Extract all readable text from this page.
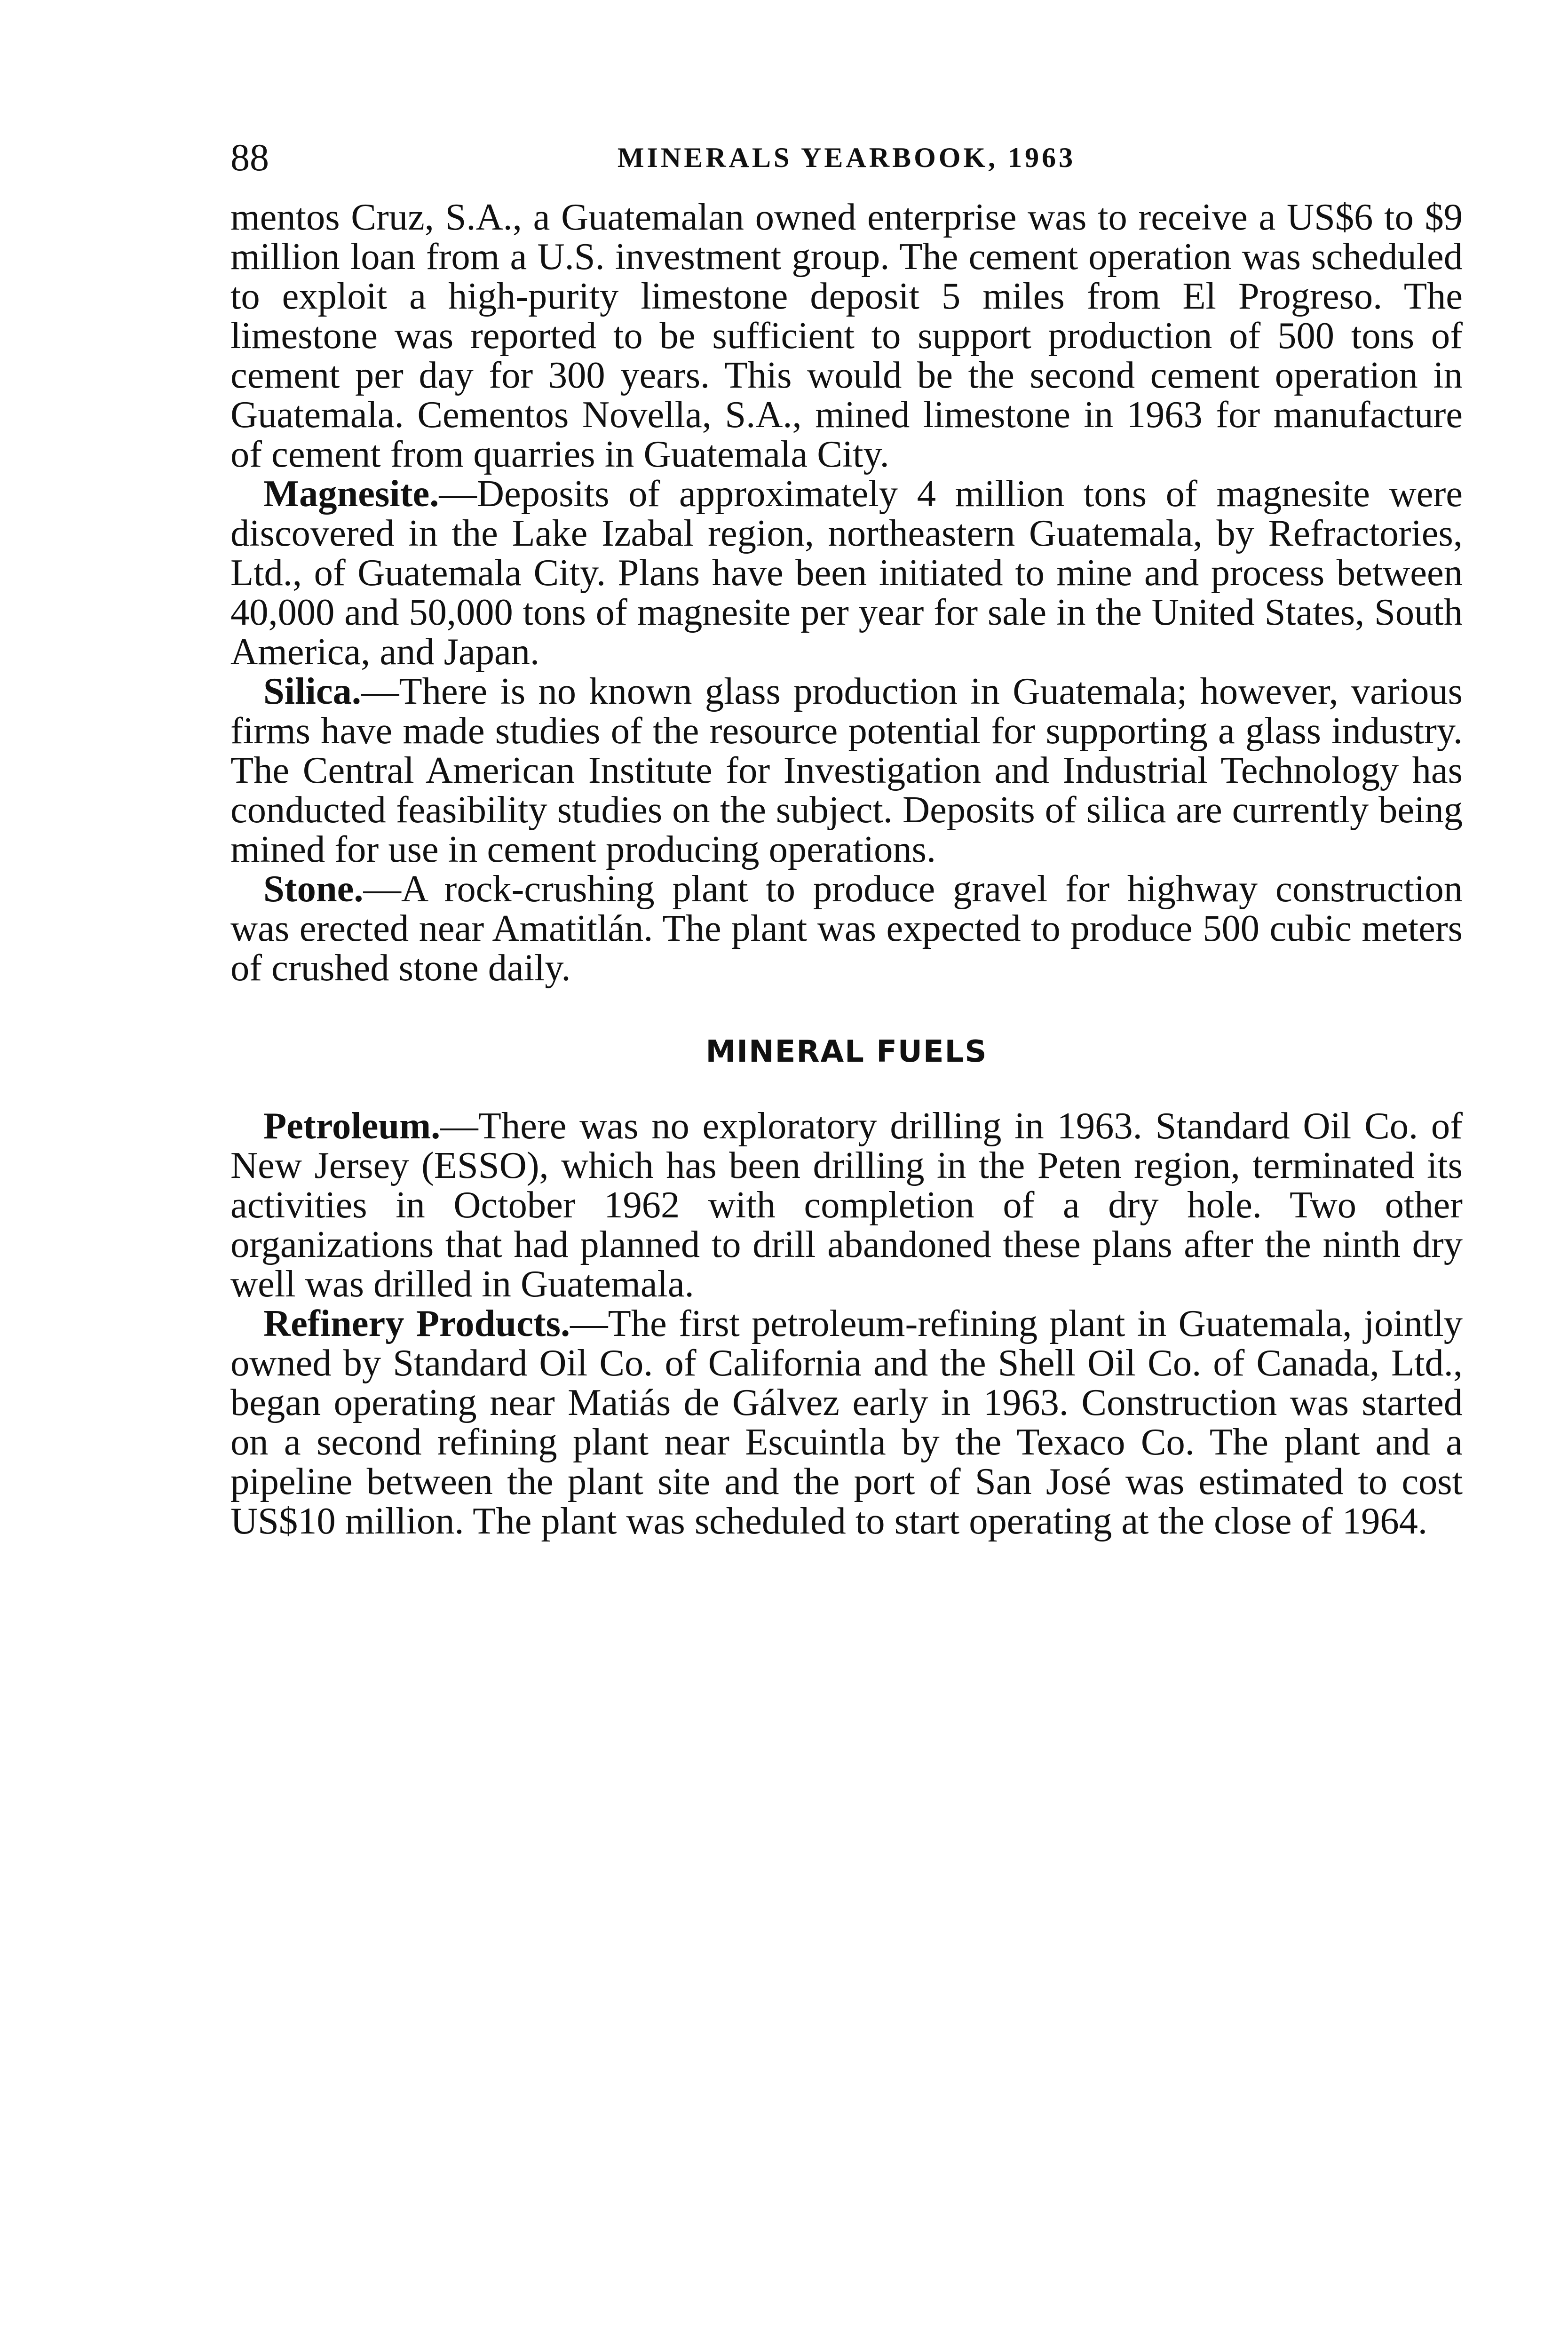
88	MINERALS YEARBOOK, 1963

mentos Cruz, S.A., a Guatemalan owned enterprise was to receive a US$6 to $9 million loan from a U.S. investment group. The cement operation was scheduled to exploit a high-purity limestone deposit 5 miles from El Progreso. The limestone was reported to be sufficient to support production of 500 tons of cement per day for 300 years. This would be the second cement operation in Guatemala. Cementos Novella, S.A., mined limestone in 1963 for manufacture of cement from quarries in Guatemala City.

Magnesite.—Deposits of approximately 4 million tons of magnesite were discovered in the Lake Izabal region, northeastern Guatemala, by Refractories, Ltd., of Guatemala City. Plans have been initiated to mine and process between 40,000 and 50,000 tons of magnesite per year for sale in the United States, South America, and Japan.

Silica.—There is no known glass production in Guatemala; however, various firms have made studies of the resource potential for supporting a glass industry. The Central American Institute for Investigation and Industrial Technology has conducted feasibility studies on the subject. Deposits of silica are currently being mined for use in cement producing operations.

Stone.—A rock-crushing plant to produce gravel for highway construction was erected near Amatitlán. The plant was expected to produce 500 cubic meters of crushed stone daily.

MINERAL FUELS

Petroleum.—There was no exploratory drilling in 1963. Standard Oil Co. of New Jersey (ESSO), which has been drilling in the Peten region, terminated its activities in October 1962 with completion of a dry hole. Two other organizations that had planned to drill abandoned these plans after the ninth dry well was drilled in Guatemala.

Refinery Products.—The first petroleum-refining plant in Guatemala, jointly owned by Standard Oil Co. of California and the Shell Oil Co. of Canada, Ltd., began operating near Matiás de Gálvez early in 1963. Construction was started on a second refining plant near Escuintla by the Texaco Co. The plant and a pipeline between the plant site and the port of San José was estimated to cost US$10 million. The plant was scheduled to start operating at the close of 1964.
